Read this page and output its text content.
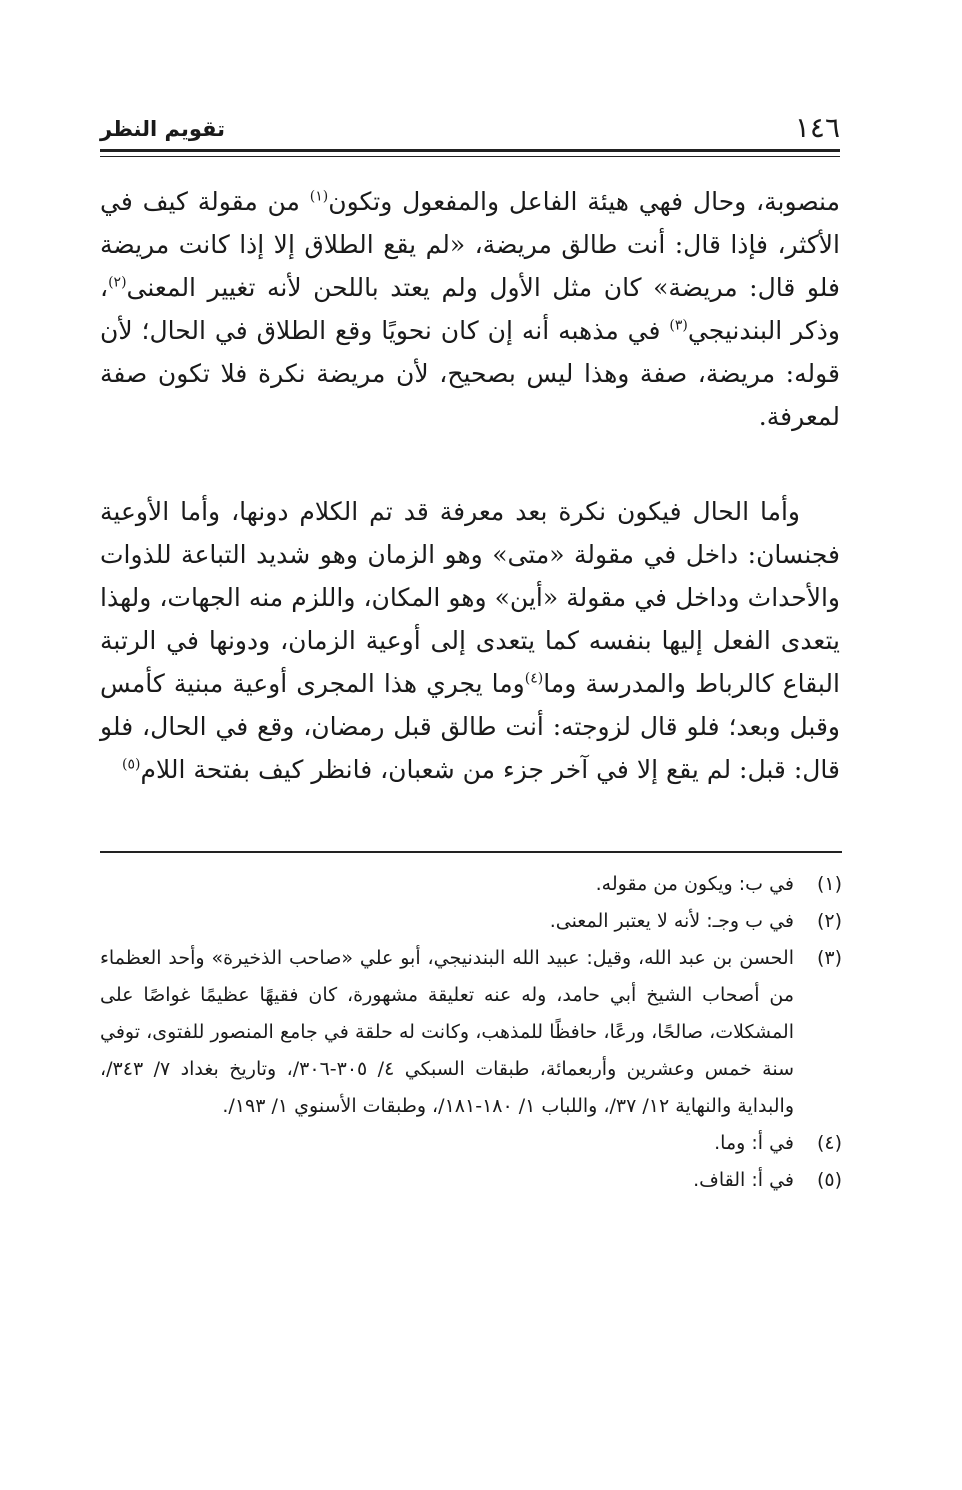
١٤٦
تقويم النظر

منصوبة، وحال فهي هيئة الفاعل والمفعول وتكون$^{(١)}$ من مقولة كيف في الأكثر، فإذا قال: أنت طالق مريضة، «لم يقع الطلاق إلا إذا كانت مريضة فلو قال: مريضة» كان مثل الأول ولم يعتد باللحن لأنه تغيير المعنى$^{(٢)}$، وذكر البندنيجي$^{(٣)}$ في مذهبه أنه إن كان نحويًا وقع الطلاق في الحال؛ لأن قوله: مريضة، صفة وهذا ليس بصحيح، لأن مريضة نكرة فلا تكون صفة لمعرفة.

وأما الحال فيكون نكرة بعد معرفة قد تم الكلام دونها، وأما الأوعية فجنسان: داخل في مقولة «متى» وهو الزمان وهو شديد التباعة للذوات والأحداث وداخل في مقولة «أين» وهو المكان، واللزم منه الجهات، ولهذا يتعدى الفعل إليها بنفسه كما يتعدى إلى أوعية الزمان، ودونها في الرتبة البقاع كالرباط والمدرسة وما$^{(٤)}$وما يجري هذا المجرى أوعية مبنية كأمس وقبل وبعد؛ فلو قال لزوجته: أنت طالق قبل رمضان، وقع في الحال، فلو قال: قبل: لم يقع إلا في آخر جزء من شعبان، فانظر كيف بفتحة اللام$^{(٥)}$

(١)
في ب: ويكون من مقوله.
(٢)
في ب وجـ: لأنه لا يعتبر المعنى.
(٣)
الحسن بن عبد الله، وقيل: عبيد الله البندنيجي، أبو علي «صاحب الذخيرة» وأحد العظماء من أصحاب الشيخ أبي حامد، وله عنه تعليقة مشهورة، كان فقيهًا عظيمًا غواصًا على المشكلات، صالحًا، ورعًا، حافظًا للمذهب، وكانت له حلقة في جامع المنصور للفتوى، توفي سنة خمس وعشرين وأربعمائة، طبقات السبكي ٤/ ٣٠٥-٣٠٦/، وتاريخ بغداد ٧/ ٣٤٣/، والبداية والنهاية ١٢/ ٣٧/، واللباب ١/ ١٨٠-١٨١/، وطبقات الأسنوي ١/ ١٩٣/.
(٤)
في أ: وما.
(٥)
في أ: القاف.
